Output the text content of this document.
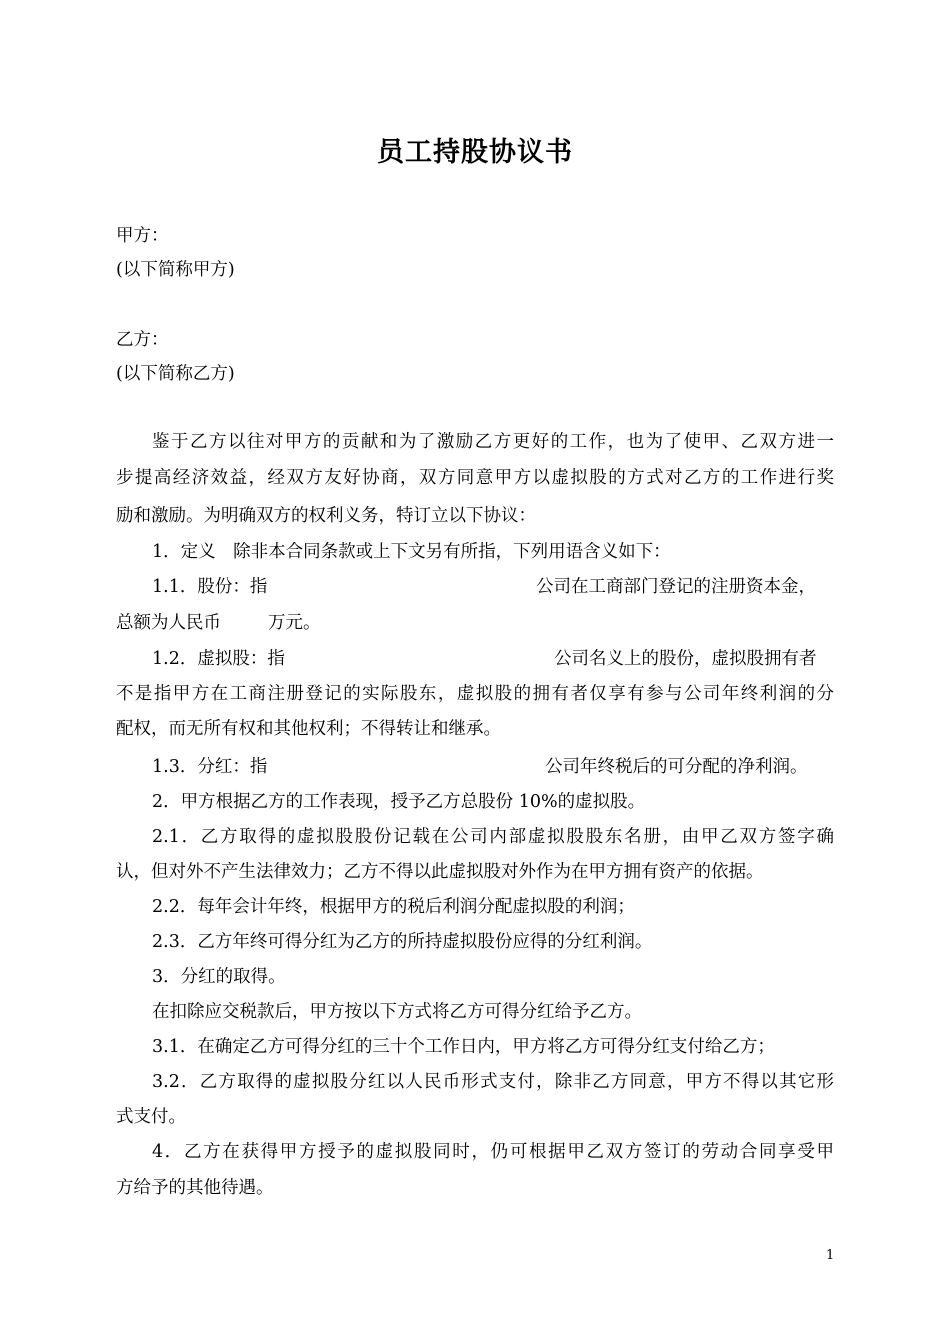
员工持股协议书
甲方：
(以下简称甲方)
乙方：
(以下简称乙方)
鉴于乙方以往对甲方的贡献和为了激励乙方更好的工作，也为了使甲、乙双方进一
步提高经济效益，经双方友好协商，双方同意甲方以虚拟股的方式对乙方的工作进行奖
励和激励。为明确双方的权利义务，特订立以下协议：
1．定义　除非本合同条款或上下文另有所指，下列用语含义如下：
1.1．股份：指	公司在工商部门登记的注册资本金，
总额为人民币	万元。
1.2．虚拟股：指	公司名义上的股份，虚拟股拥有者
不是指甲方在工商注册登记的实际股东，虚拟股的拥有者仅享有参与公司年终利润的分
配权，而无所有权和其他权利；不得转让和继承。
1.3．分红：指	公司年终税后的可分配的净利润。
2．甲方根据乙方的工作表现，授予乙方总股份 10%的虚拟股。
2.1．乙方取得的虚拟股股份记载在公司内部虚拟股股东名册，由甲乙双方签字确
认，但对外不产生法律效力；乙方不得以此虚拟股对外作为在甲方拥有资产的依据。
2.2．每年会计年终，根据甲方的税后利润分配虚拟股的利润；
2.3．乙方年终可得分红为乙方的所持虚拟股份应得的分红利润。
3．分红的取得。
在扣除应交税款后，甲方按以下方式将乙方可得分红给予乙方。
3.1．在确定乙方可得分红的三十个工作日内，甲方将乙方可得分红支付给乙方；
3.2．乙方取得的虚拟股分红以人民币形式支付，除非乙方同意，甲方不得以其它形
式支付。
4．乙方在获得甲方授予的虚拟股同时，仍可根据甲乙双方签订的劳动合同享受甲
方给予的其他待遇。
1
